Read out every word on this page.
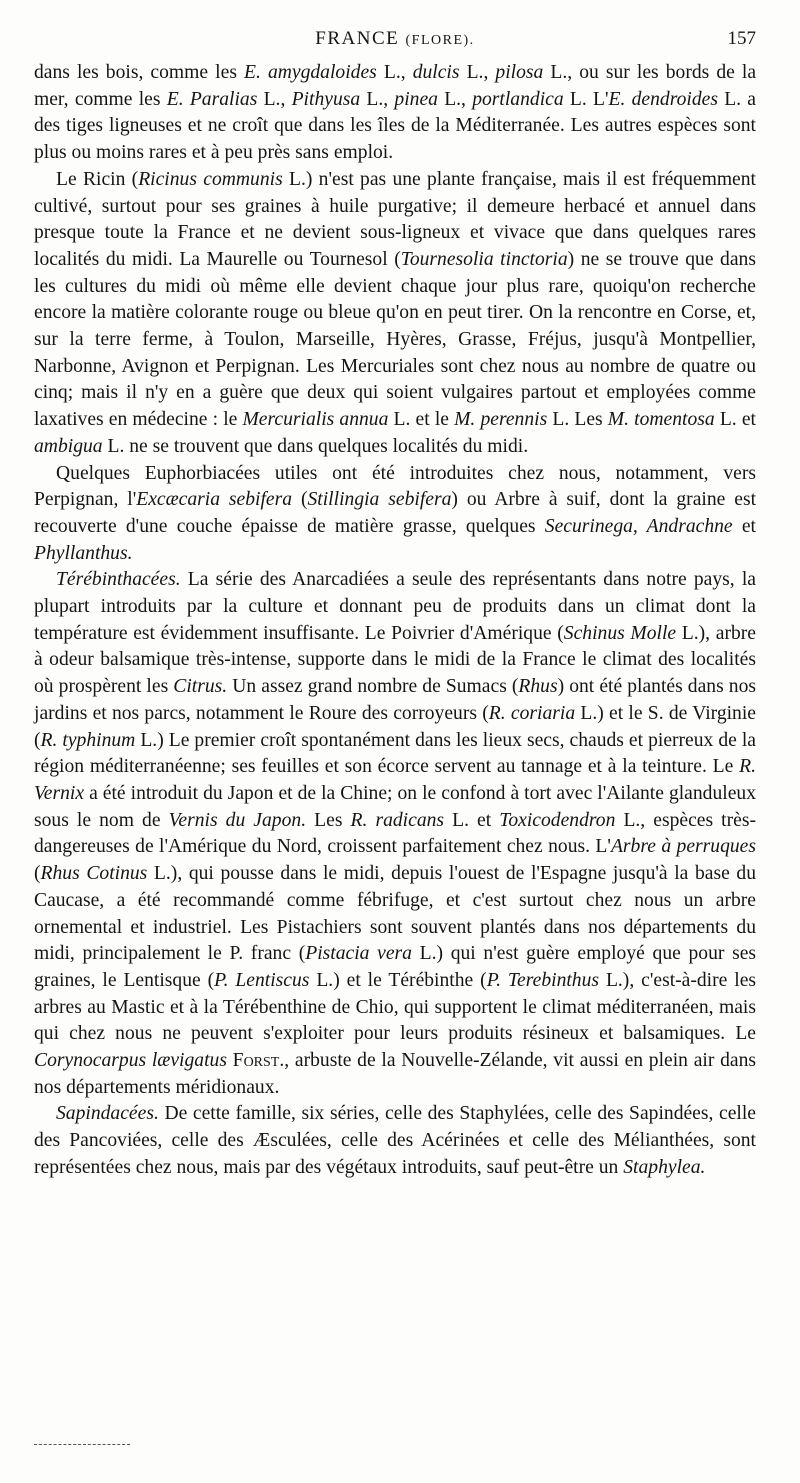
FRANCE (FLORE).	157

dans les bois, comme les E. amygdaloides L., dulcis L., pilosa L., ou sur les bords de la mer, comme les E. Paralias L., Pithyusa L., pinea L., portlandica L. L'E. dendroides L. a des tiges ligneuses et ne croît que dans les îles de la Méditerranée. Les autres espèces sont plus ou moins rares et à peu près sans emploi.

Le Ricin (Ricinus communis L.) n'est pas une plante française, mais il est fréquemment cultivé, surtout pour ses graines à huile purgative; il demeure herbacé et annuel dans presque toute la France et ne devient sous-ligneux et vivace que dans quelques rares localités du midi. La Maurelle ou Tournesol (Tournesolia tinctoria) ne se trouve que dans les cultures du midi où même elle devient chaque jour plus rare, quoiqu'on recherche encore la matière colorante rouge ou bleue qu'on en peut tirer. On la rencontre en Corse, et, sur la terre ferme, à Toulon, Marseille, Hyères, Grasse, Fréjus, jusqu'à Montpellier, Narbonne, Avignon et Perpignan. Les Mercuriales sont chez nous au nombre de quatre ou cinq; mais il n'y en a guère que deux qui soient vulgaires partout et employées comme laxatives en médecine : le Mercurialis annua L. et le M. perennis L. Les M. tomentosa L. et ambigua L. ne se trouvent que dans quelques localités du midi.

Quelques Euphorbiacées utiles ont été introduites chez nous, notamment, vers Perpignan, l'Excæcaria sebifera (Stillingia sebifera) ou Arbre à suif, dont la graine est recouverte d'une couche épaisse de matière grasse, quelques Securinega, Andrachne et Phyllanthus.

Térébinthacées. La série des Anarcadiées a seule des représentants dans notre pays, la plupart introduits par la culture et donnant peu de produits dans un climat dont la température est évidemment insuffisante. Le Poivrier d'Amérique (Schinus Molle L.), arbre à odeur balsamique très-intense, supporte dans le midi de la France le climat des localités où prospèrent les Citrus. Un assez grand nombre de Sumacs (Rhus) ont été plantés dans nos jardins et nos parcs, notamment le Roure des corroyeurs (R. coriaria L.) et le S. de Virginie (R. typhinum L.) Le premier croît spontanément dans les lieux secs, chauds et pierreux de la région méditerranéenne; ses feuilles et son écorce servent au tannage et à la teinture. Le R. Vernix a été introduit du Japon et de la Chine; on le confond à tort avec l'Ailante glanduleux sous le nom de Vernis du Japon. Les R. radicans L. et Toxicodendron L., espèces très-dangereuses de l'Amérique du Nord, croissent parfaitement chez nous. L'Arbre à perruques (Rhus Cotinus L.), qui pousse dans le midi, depuis l'ouest de l'Espagne jusqu'à la base du Caucase, a été recommandé comme fébrifuge, et c'est surtout chez nous un arbre ornemental et industriel. Les Pistachiers sont souvent plantés dans nos départements du midi, principalement le P. franc (Pistacia vera L.) qui n'est guère employé que pour ses graines, le Lentisque (P. Lentiscus L.) et le Térébinthe (P. Terebinthus L.), c'est-à-dire les arbres au Mastic et à la Térébenthine de Chio, qui supportent le climat méditerranéen, mais qui chez nous ne peuvent s'exploiter pour leurs produits résineux et balsamiques. Le Corynocarpus lævigatus Forst., arbuste de la Nouvelle-Zélande, vit aussi en plein air dans nos départements méridionaux.

Sapindacées. De cette famille, six séries, celle des Staphylées, celle des Sapindées, celle des Pancoviées, celle des Æsculées, celle des Acérinées et celle des Mélianthées, sont représentées chez nous, mais par des végétaux introduits, sauf peut-être un Staphylea.
